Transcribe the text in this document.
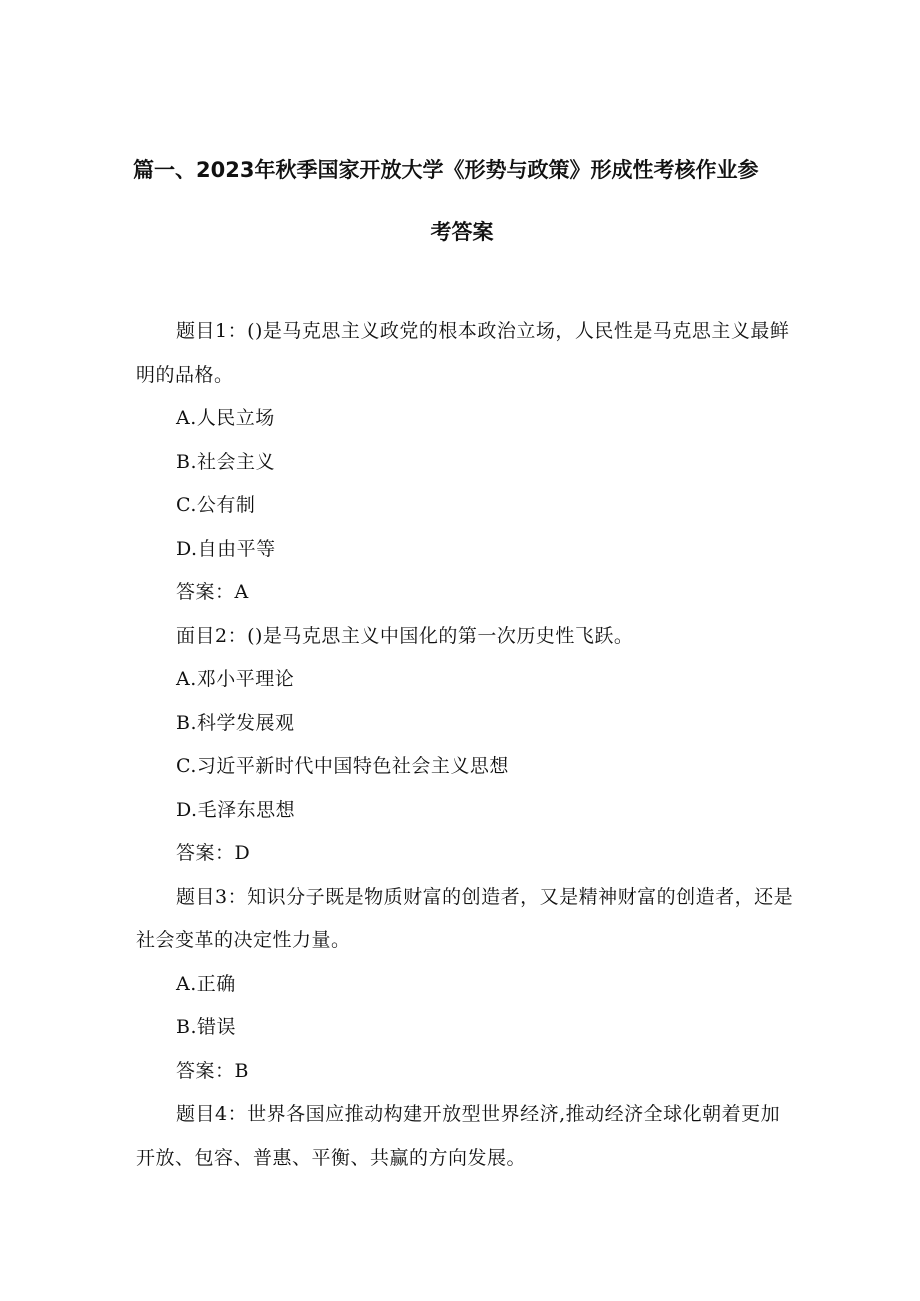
篇一、2023年秋季国家开放大学《形势与政策》形成性考核作业参
考答案

题目1：()是马克思主义政党的根本政治立场，人民性是马克思主义最鲜明的品格。

A.人民立场

B.社会主义

C.公有制

D.自由平等

答案：A

面目2：()是马克思主义中国化的第一次历史性飞跃。

A.邓小平理论

B.科学发展观

C.习近平新时代中国特色社会主义思想

D.毛泽东思想

答案：D

题目3：知识分子既是物质财富的创造者，又是精神财富的创造者，还是社会变革的决定性力量。

A.正确

B.错误

答案：B

题目4：世界各国应推动构建开放型世界经济,推动经济全球化朝着更加开放、包容、普惠、平衡、共赢的方向发展。
